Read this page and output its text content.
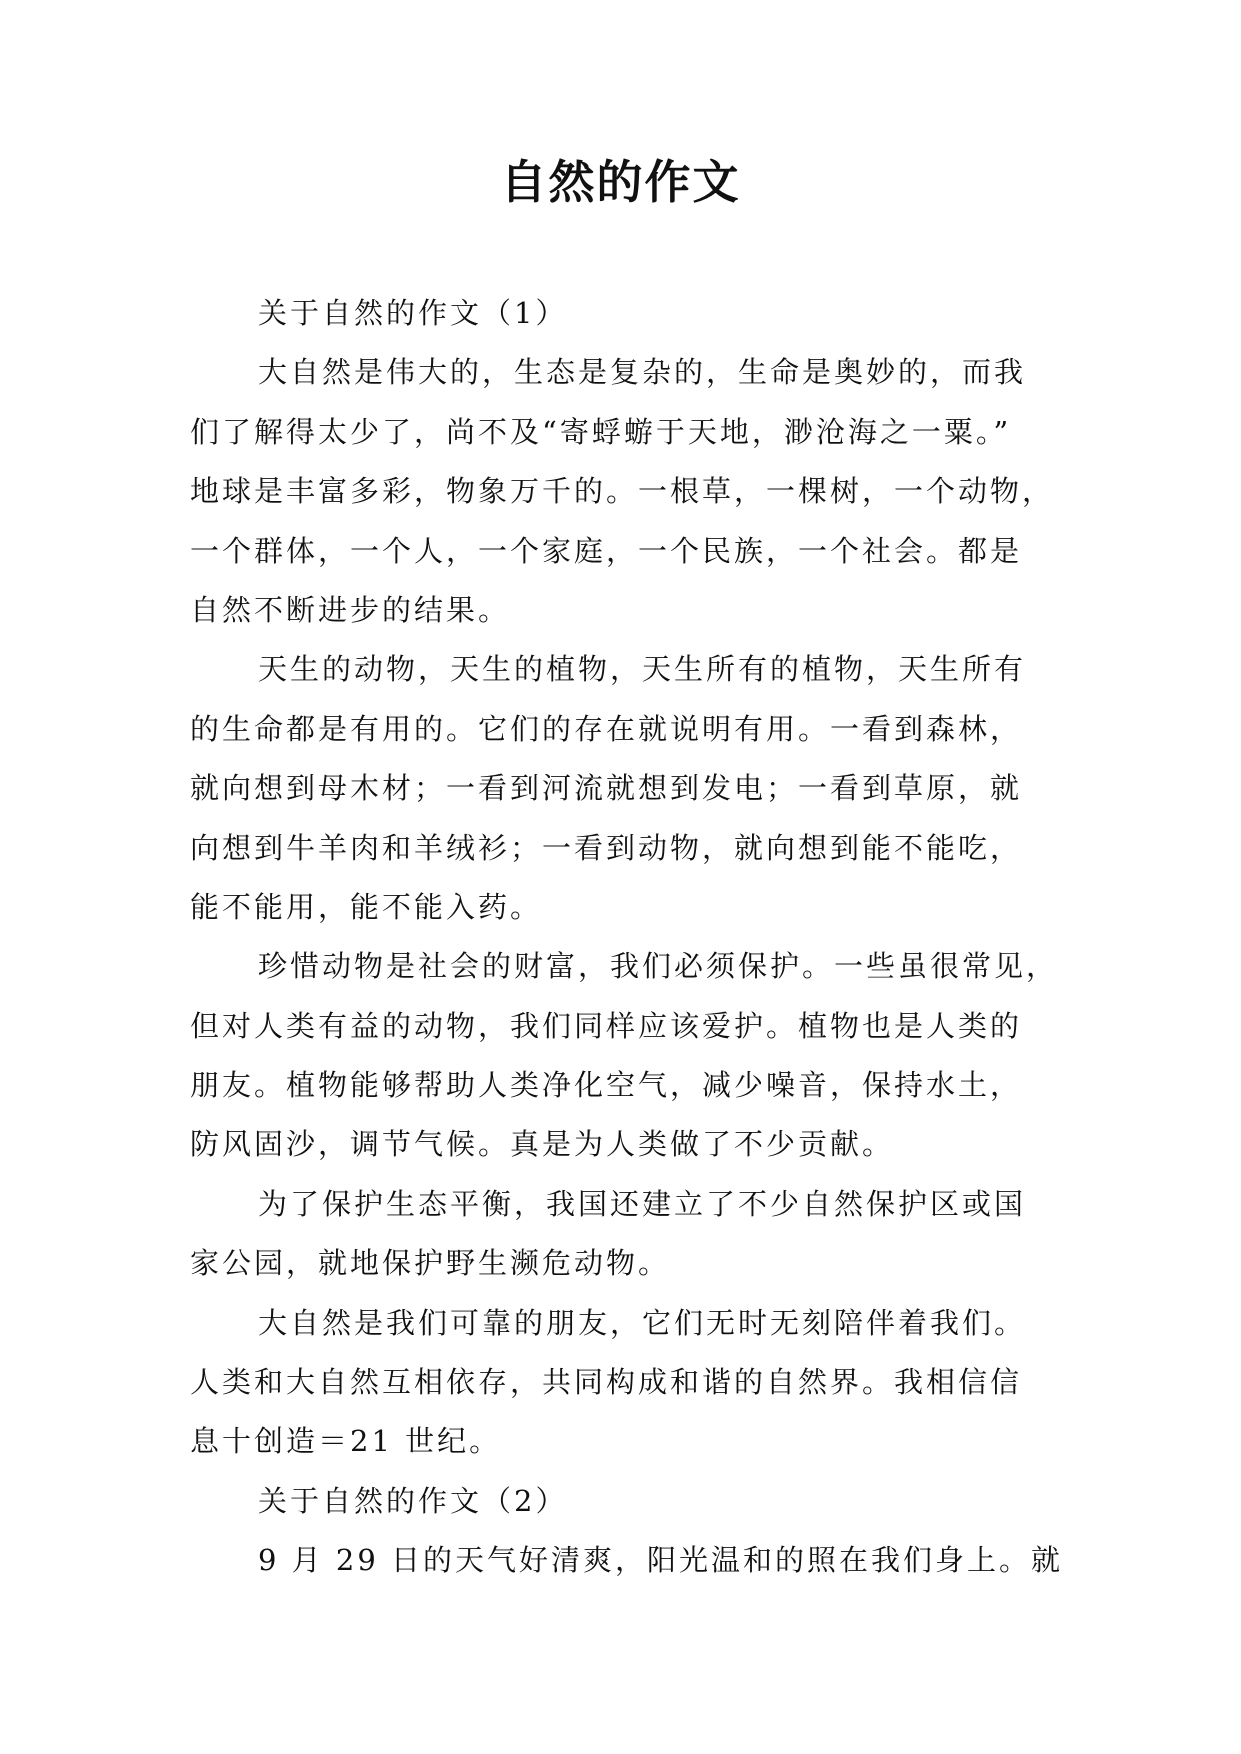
自然的作文
关于自然的作文（1）
大自然是伟大的，生态是复杂的，生命是奥妙的，而我
们了解得太少了，尚不及“寄蜉蝣于天地，渺沧海之一粟。”
地球是丰富多彩，物象万千的。一根草，一棵树，一个动物，
一个群体，一个人，一个家庭，一个民族，一个社会。都是
自然不断进步的结果。
天生的动物，天生的植物，天生所有的植物，天生所有
的生命都是有用的。它们的存在就说明有用。一看到森林，
就向想到母木材；一看到河流就想到发电；一看到草原，就
向想到牛羊肉和羊绒衫；一看到动物，就向想到能不能吃，
能不能用，能不能入药。
珍惜动物是社会的财富，我们必须保护。一些虽很常见，
但对人类有益的动物，我们同样应该爱护。植物也是人类的
朋友。植物能够帮助人类净化空气，减少噪音，保持水土，
防风固沙，调节气候。真是为人类做了不少贡献。
为了保护生态平衡，我国还建立了不少自然保护区或国
家公园，就地保护野生濒危动物。
大自然是我们可靠的朋友，它们无时无刻陪伴着我们。
人类和大自然互相依存，共同构成和谐的自然界。我相信信
息十创造＝21 世纪。
关于自然的作文（2）
9 月 29 日的天气好清爽，阳光温和的照在我们身上。就
